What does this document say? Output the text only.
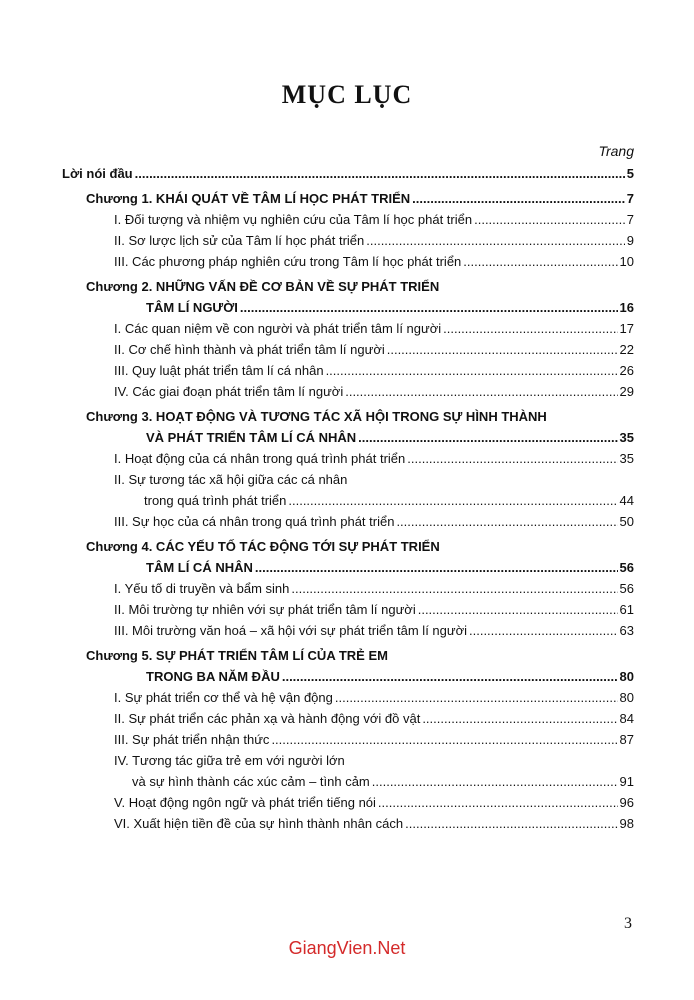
MỤC LỤC
Trang
Lời nói đầu .....	5
Chương 1. KHÁI QUÁT VỀ TÂM LÍ HỌC PHÁT TRIỂN .....	7
I. Đối tượng và nhiệm vụ nghiên cứu của Tâm lí học phát triển .....	7
II. Sơ lược lịch sử của Tâm lí học phát triển .....	9
III. Các phương pháp nghiên cứu trong Tâm lí học phát triển .....	10
Chương 2. NHỮNG VẤN ĐỀ CƠ BẢN VỀ SỰ PHÁT TRIỂN
TÂM LÍ NGƯỜI .....	16
I. Các quan niệm về con người và phát triển tâm lí người .....	17
II. Cơ chế hình thành và phát triển tâm lí người .....	22
III. Quy luật phát triển tâm lí cá nhân .....	26
IV. Các giai đoạn phát triển tâm lí người .....	29
Chương 3. HOẠT ĐỘNG VÀ TƯƠNG TÁC XÃ HỘI TRONG SỰ HÌNH THÀNH
VÀ PHÁT TRIỂN TÂM LÍ CÁ NHÂN .....	35
I. Hoạt động của cá nhân trong quá trình phát triển .....	35
II. Sự tương tác xã hội giữa các cá nhân
trong quá trình phát triển .....	44
III. Sự học của cá nhân trong quá trình phát triển .....	50
Chương 4. CÁC YẾU TỐ TÁC ĐỘNG TỚI SỰ PHÁT TRIỂN
TÂM LÍ CÁ NHÂN .....	56
I. Yếu tố di truyền và bẩm sinh .....	56
II. Môi trường tự nhiên với sự phát triển tâm lí người .....	61
III. Môi trường văn hoá – xã hội với sự phát triển tâm lí người .....	63
Chương 5. SỰ PHÁT TRIỂN TÂM LÍ CỦA TRẺ EM
TRONG BA NĂM ĐẦU .....	80
I. Sự phát triển cơ thể và hệ vận động .....	80
II. Sự phát triển các phản xạ và hành động với đồ vật .....	84
III. Sự phát triển nhận thức .....	87
IV. Tương tác giữa trẻ em với người lớn
và sự hình thành các xúc cảm – tình cảm .....	91
V. Hoạt động ngôn ngữ và phát triển tiếng nói .....	96
VI. Xuất hiện tiền đề của sự hình thành nhân cách .....	98
3
GiangVien.Net
